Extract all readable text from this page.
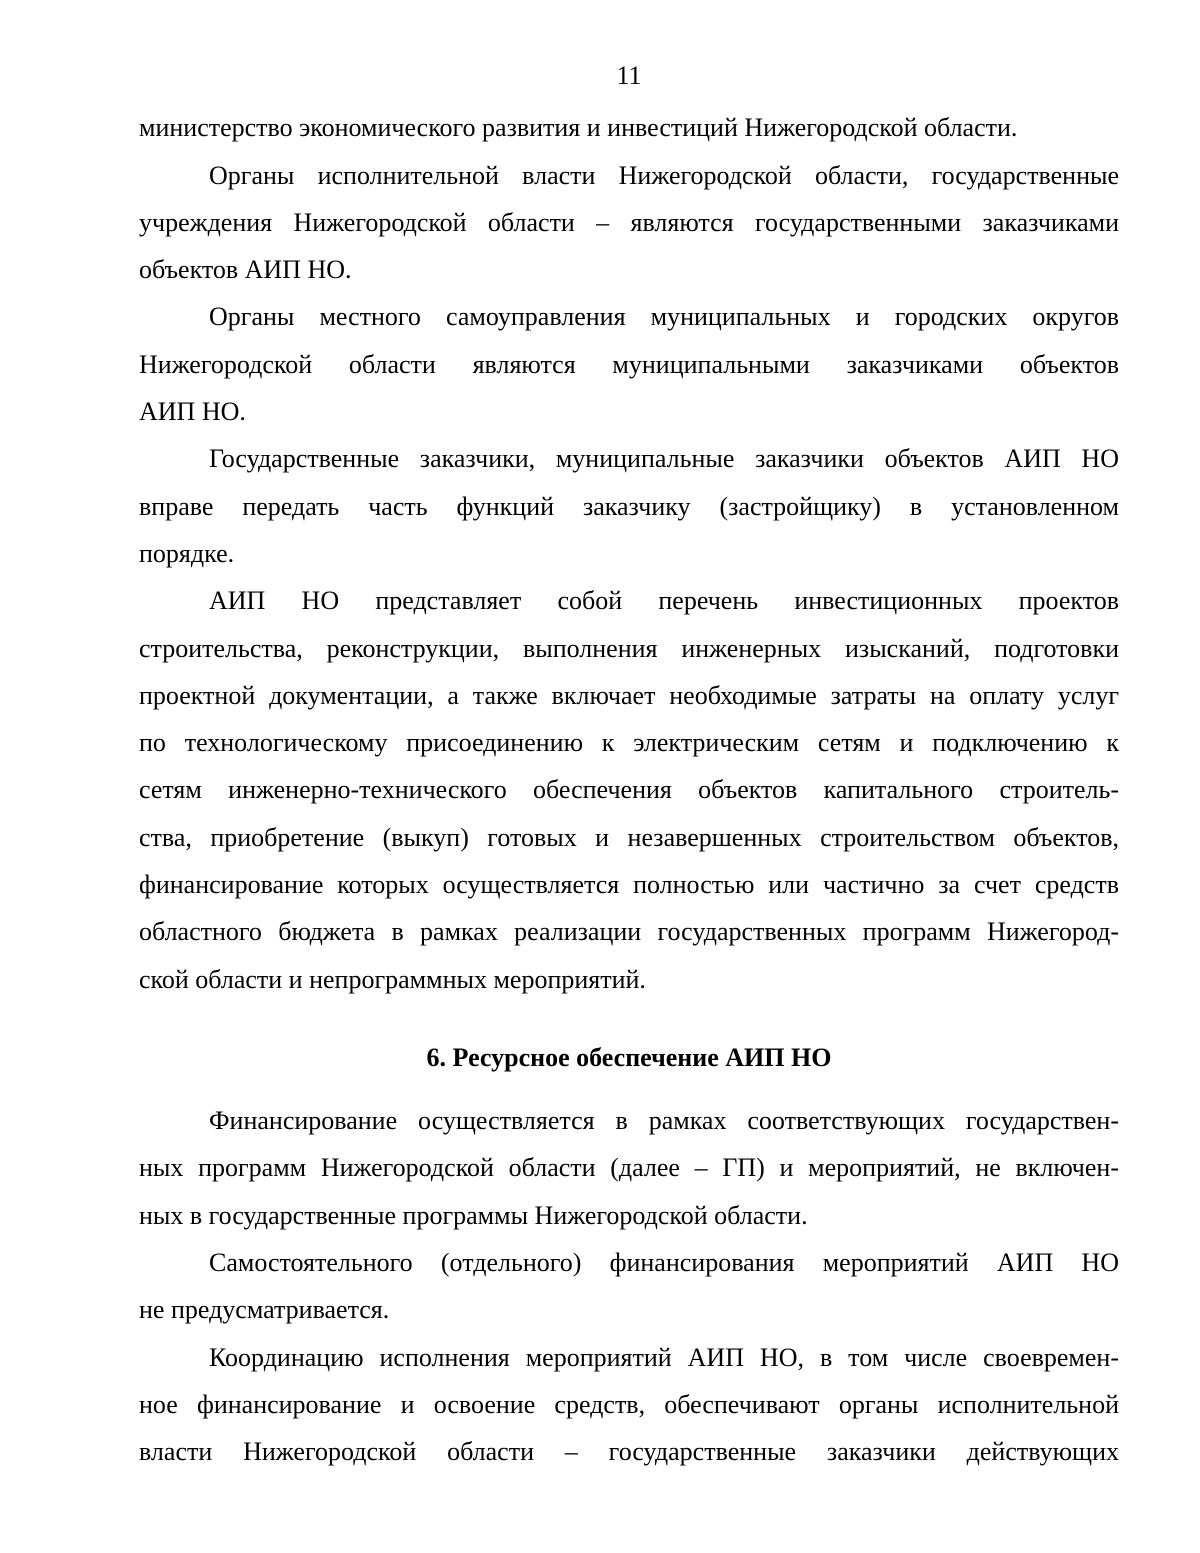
11
министерство экономического развития и инвестиций Нижегородской области.
Органы исполнительной власти Нижегородской области, государственные
учреждения Нижегородской области – являются государственными заказчиками
объектов АИП НО.
Органы местного самоуправления муниципальных и городских округов
Нижегородской области являются муниципальными заказчиками объектов
АИП НО.
Государственные заказчики, муниципальные заказчики объектов АИП НО
вправе передать часть функций заказчику (застройщику) в установленном
порядке.
АИП НО представляет собой перечень инвестиционных проектов
строительства, реконструкции, выполнения инженерных изысканий, подготовки
проектной документации, а также включает необходимые затраты на оплату услуг
по технологическому присоединению к электрическим сетям и подключению к
сетям инженерно-технического обеспечения объектов капитального строитель-
ства, приобретение (выкуп) готовых и незавершенных строительством объектов,
финансирование которых осуществляется полностью или частично за счет средств
областного бюджета в рамках реализации государственных программ Нижегород-
ской области и непрограммных мероприятий.
6. Ресурсное обеспечение АИП НО
Финансирование осуществляется в рамках соответствующих государствен-
ных программ Нижегородской области (далее – ГП) и мероприятий, не включен-
ных в государственные программы Нижегородской области.
Самостоятельного (отдельного) финансирования мероприятий АИП НО
не предусматривается.
Координацию исполнения мероприятий АИП НО, в том числе своевремен-
ное финансирование и освоение средств, обеспечивают органы исполнительной
власти Нижегородской области – государственные заказчики действующих
